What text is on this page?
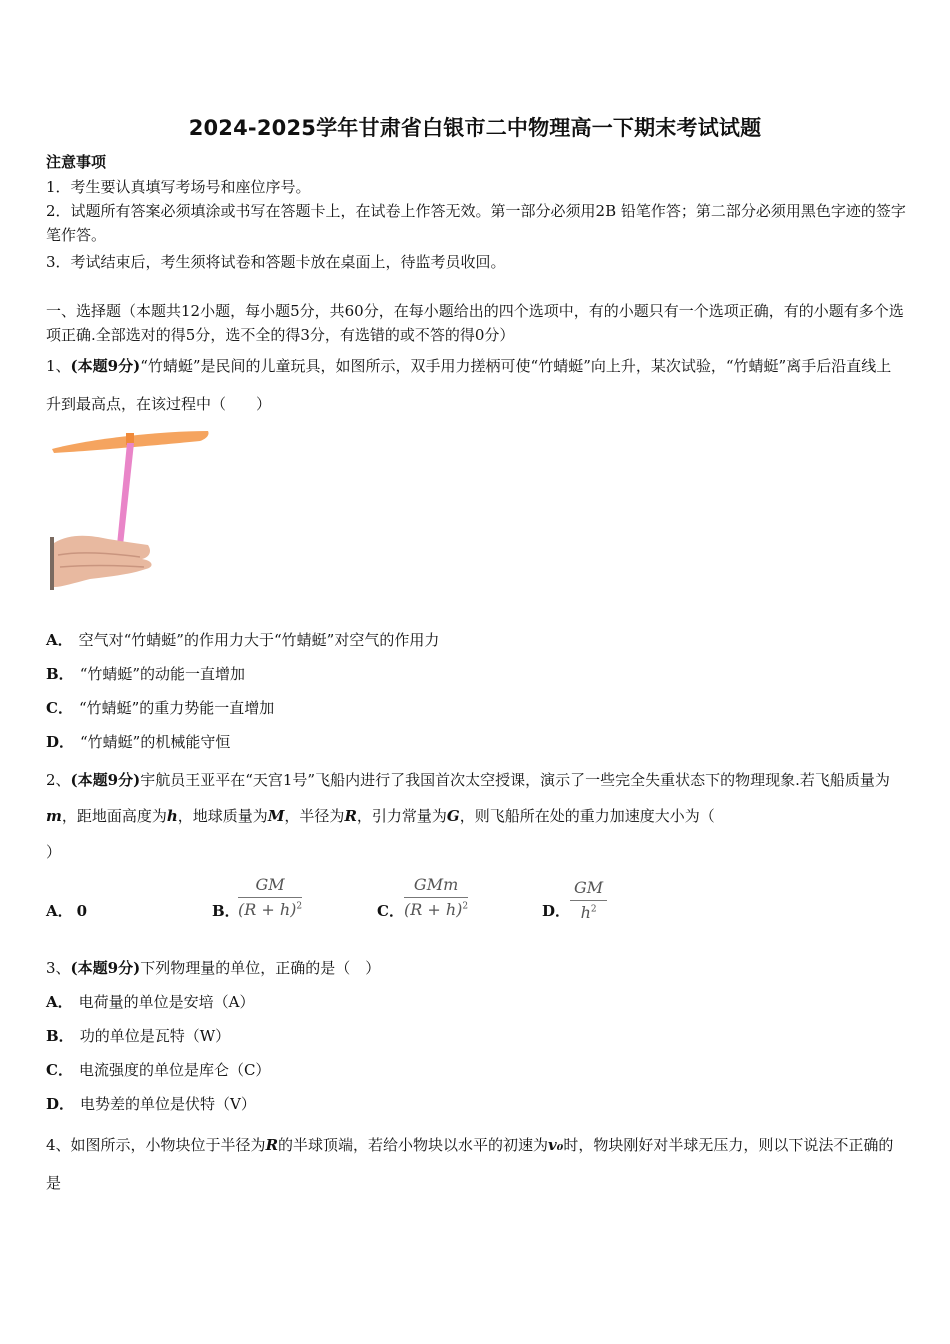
2024-2025学年甘肃省白银市二中物理高一下期末考试试题
注意事项
1．考生要认真填写考场号和座位序号。
2．试题所有答案必须填涂或书写在答题卡上，在试卷上作答无效。第一部分必须用2B 铅笔作答；第二部分必须用黑色字迹的签字笔作答。
3．考试结束后，考生须将试卷和答题卡放在桌面上，待监考员收回。
一、选择题（本题共12小题，每小题5分，共60分，在每小题给出的四个选项中，有的小题只有一个选项正确，有的小题有多个选项正确.全部选对的得5分，选不全的得3分，有选错的或不答的得0分）
1、(本题9分)“竹蜻蜓”是民间的儿童玩具，如图所示，双手用力搓柄可使“竹蜻蜓”向上升，某次试验，“竹蜻蜓”离手后沿直线上升到最高点，在该过程中（　　）
A． 空气对“竹蜻蜓”的作用力大于“竹蜻蜓”对空气的作用力
B． “竹蜻蜓”的动能一直增加
C． “竹蜻蜓”的重力势能一直增加
D． “竹蜻蜓”的机械能守恒
2、(本题9分)宇航员王亚平在“天宫1号”飞船内进行了我国首次太空授课，演示了一些完全失重状态下的物理现象.若飞船质量为m，距地面高度为h，地球质量为M，半径为R，引力常量为G，则飞船所在处的重力加速度大小为（
）
A． 0	B．
GM
$(R + h)^2$	C．
GMm
$(R + h)^2$	D．
GM
$h^2$
3、(本题9分)下列物理量的单位，正确的是（　）
A． 电荷量的单位是安培（A）
B． 功的单位是瓦特（W）
C． 电流强度的单位是库仑（C）
D． 电势差的单位是伏特（V）
4、如图所示，小物块位于半径为R的半球顶端，若给小物块以水平的初速为v₀时，物块刚好对半球无压力，则以下说法不正确的是
